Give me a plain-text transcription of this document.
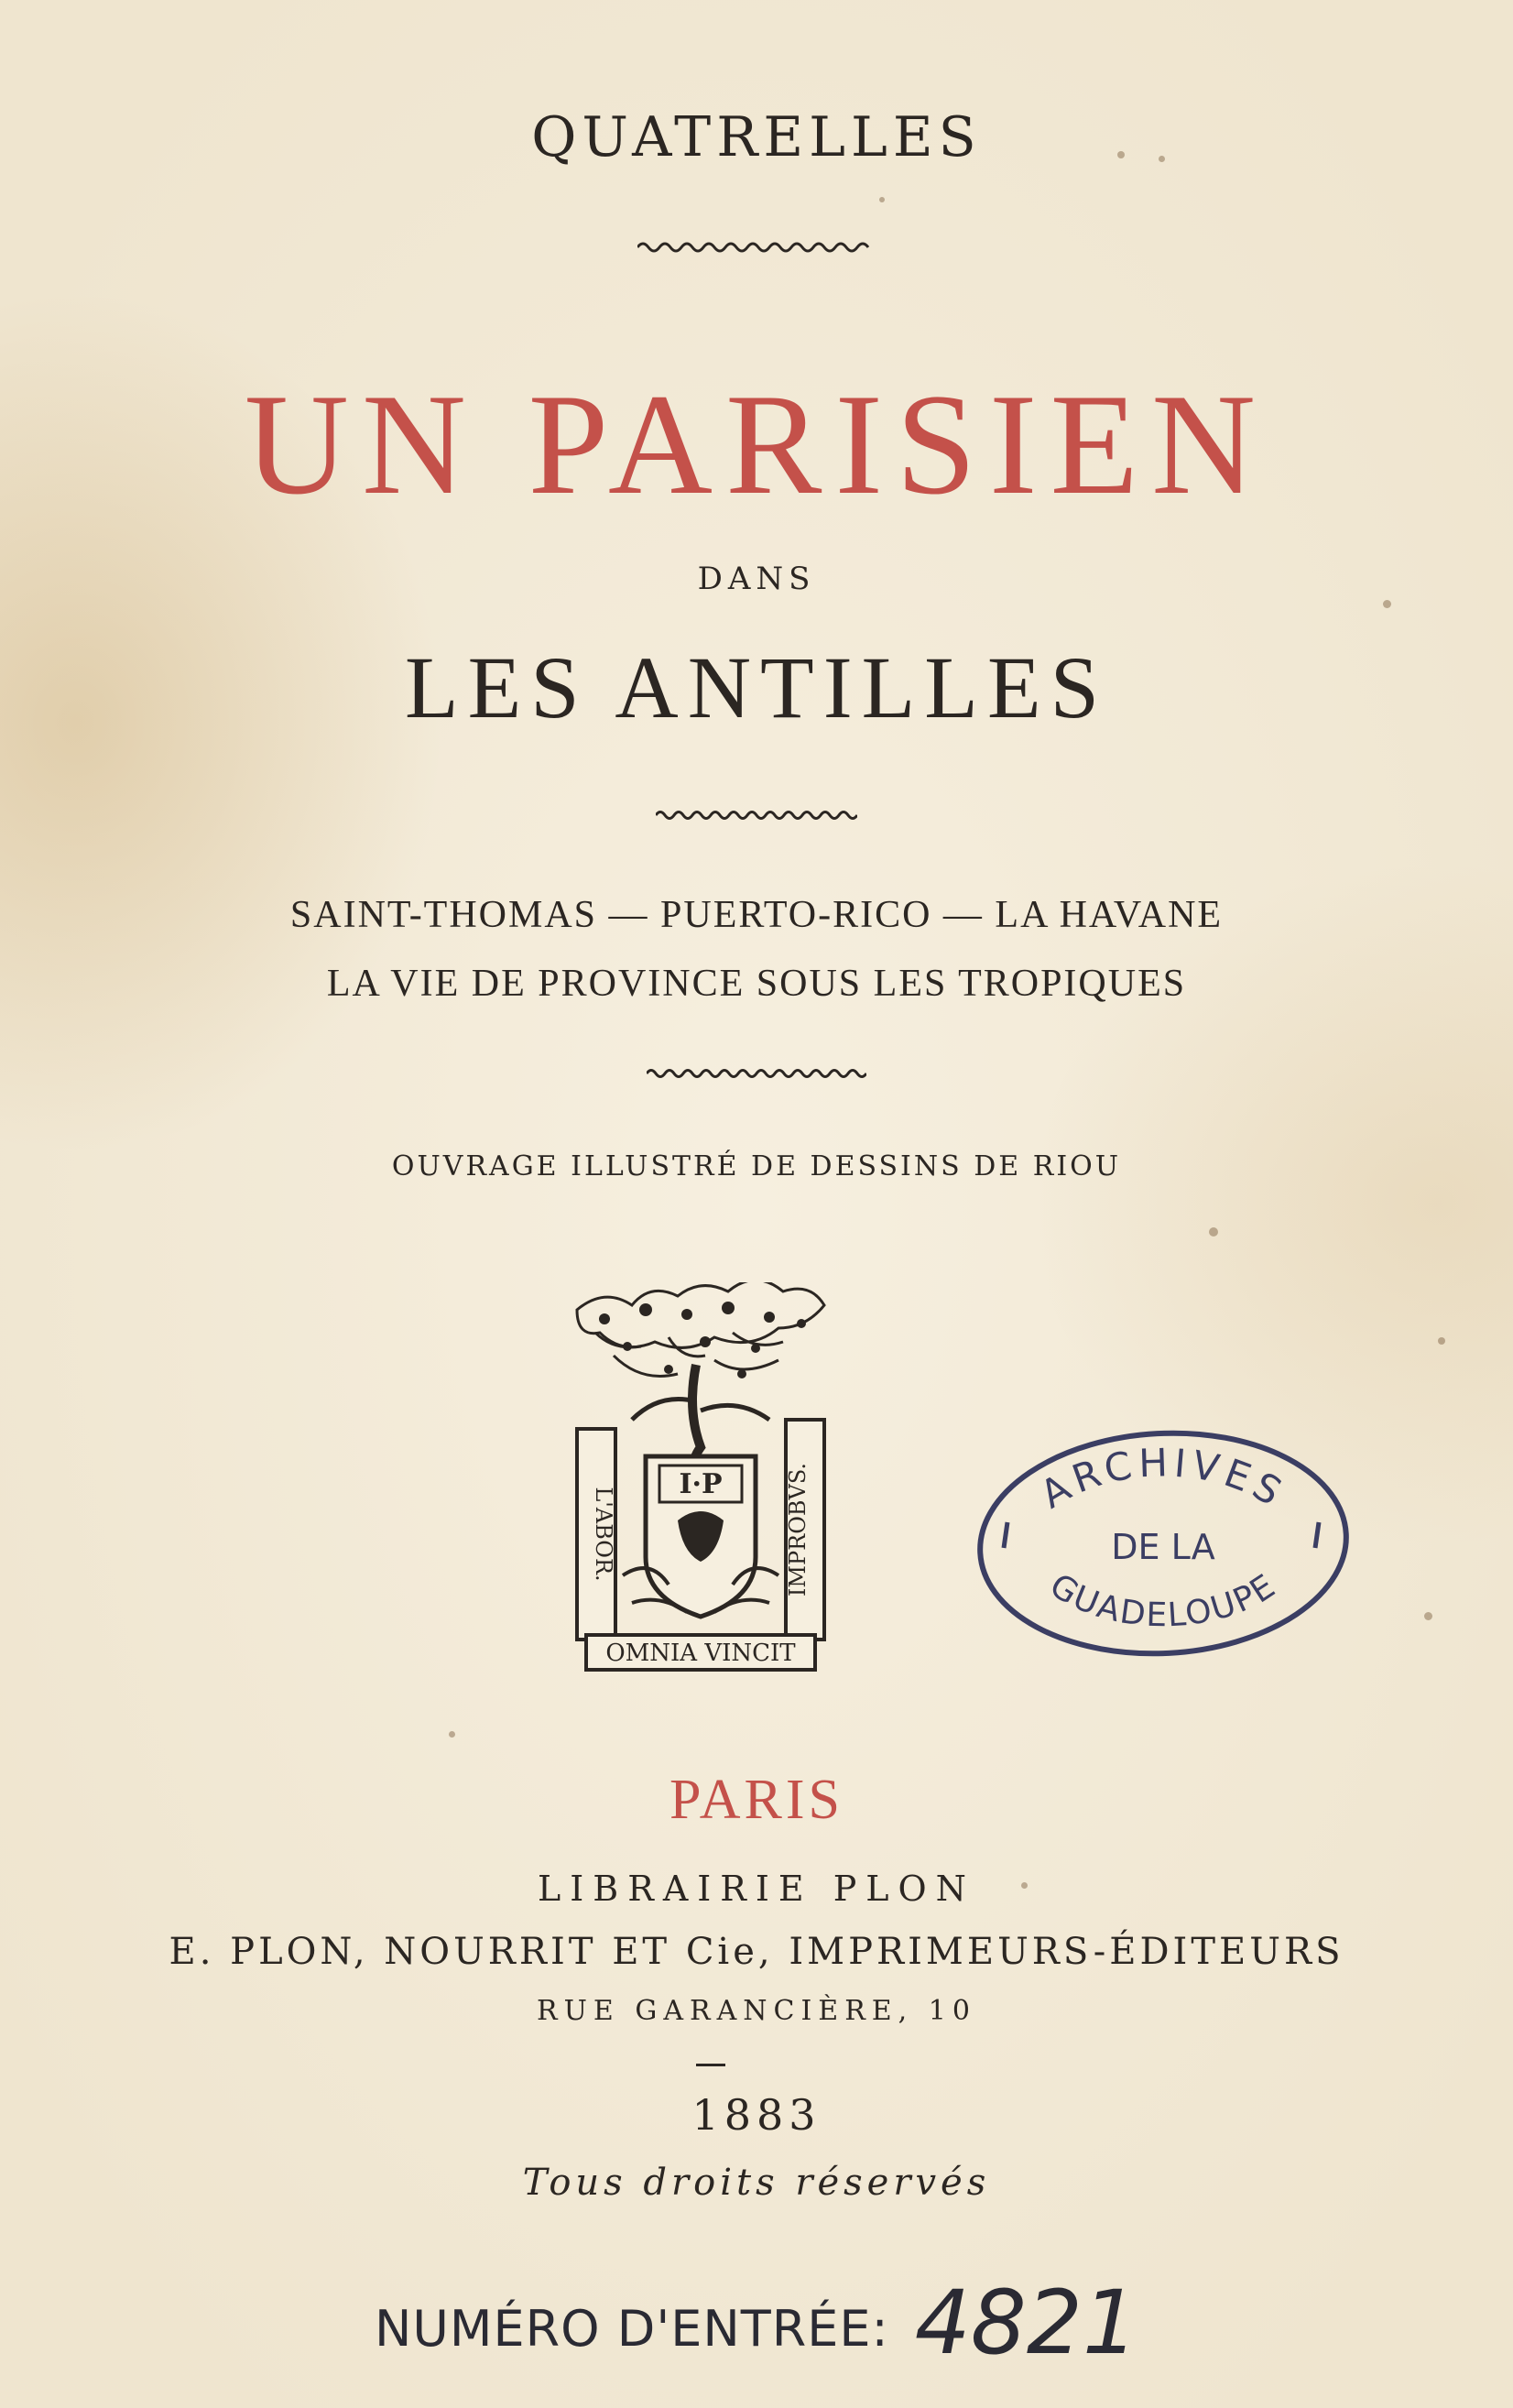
QUATRELLES
UN PARISIEN
DANS
LES ANTILLES
SAINT-THOMAS — PUERTO-RICO — LA HAVANE
LA VIE DE PROVINCE SOUS LES TROPIQUES
OUVRAGE ILLUSTRÉ DE DESSINS DE RIOU
I·P
L'ABOR.	IMPROBVS.
OMNIA VINCIT
ARCHIVES
DE LA
GUADELOUPE
PARIS
LIBRAIRIE PLON
E. PLON, NOURRIT ET Cie, IMPRIMEURS-ÉDITEURS
RUE GARANCIÈRE, 10
1883
Tous droits réservés
NUMÉRO D'ENTRÉE: 4821
